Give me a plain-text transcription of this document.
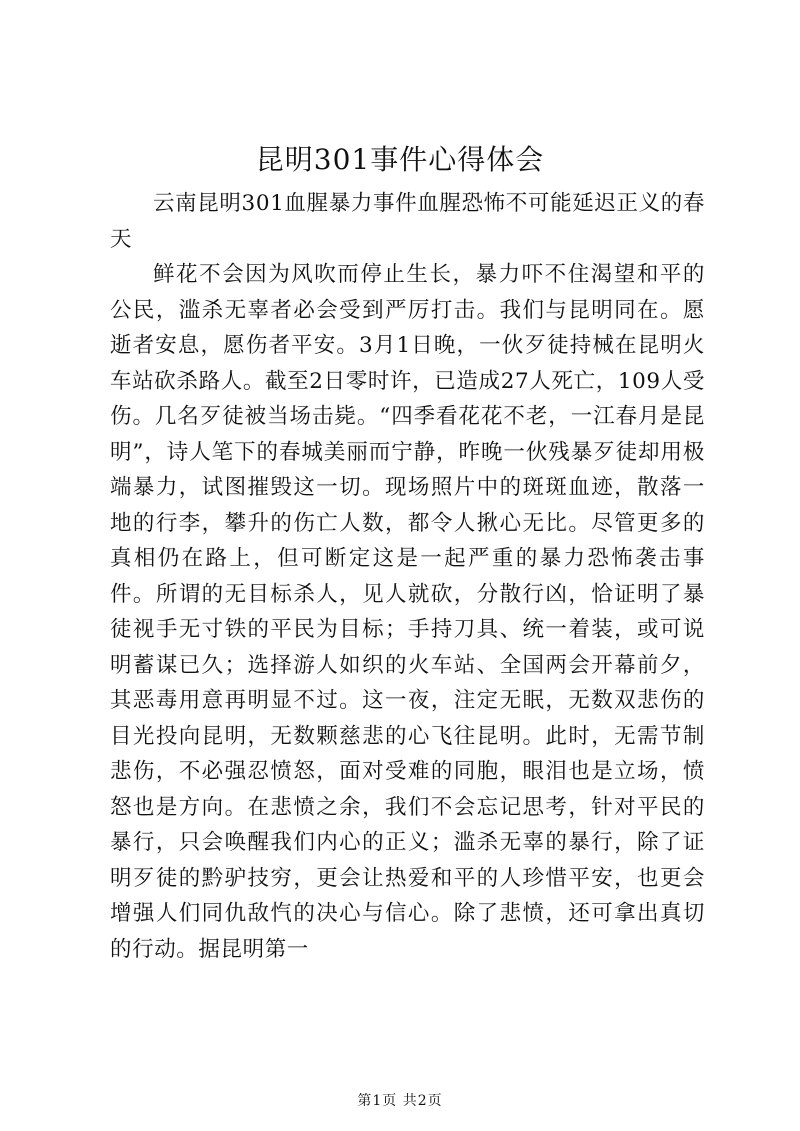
昆明301事件心得体会

云南昆明301血腥暴力事件血腥恐怖不可能延迟正义的春天

鲜花不会因为风吹而停止生长，暴力吓不住渴望和平的公民，滥杀无辜者必会受到严厉打击。我们与昆明同在。愿逝者安息，愿伤者平安。3月1日晚，一伙歹徒持械在昆明火车站砍杀路人。截至2日零时许，已造成27人死亡，109人受伤。几名歹徒被当场击毙。“四季看花花不老，一江春月是昆明”，诗人笔下的春城美丽而宁静，昨晚一伙残暴歹徒却用极端暴力，试图摧毁这一切。现场照片中的斑斑血迹，散落一地的行李，攀升的伤亡人数，都令人揪心无比。尽管更多的真相仍在路上，但可断定这是一起严重的暴力恐怖袭击事件。所谓的无目标杀人，见人就砍，分散行凶，恰证明了暴徒视手无寸铁的平民为目标；手持刀具、统一着装，或可说明蓄谋已久；选择游人如织的火车站、全国两会开幕前夕，其恶毒用意再明显不过。这一夜，注定无眠，无数双悲伤的目光投向昆明，无数颗慈悲的心飞往昆明。此时，无需节制悲伤，不必强忍愤怒，面对受难的同胞，眼泪也是立场，愤怒也是方向。在悲愤之余，我们不会忘记思考，针对平民的暴行，只会唤醒我们内心的正义；滥杀无辜的暴行，除了证明歹徒的黔驴技穷，更会让热爱和平的人珍惜平安，也更会增强人们同仇敌忾的决心与信心。除了悲愤，还可拿出真切的行动。据昆明第一

第1页 共2页
